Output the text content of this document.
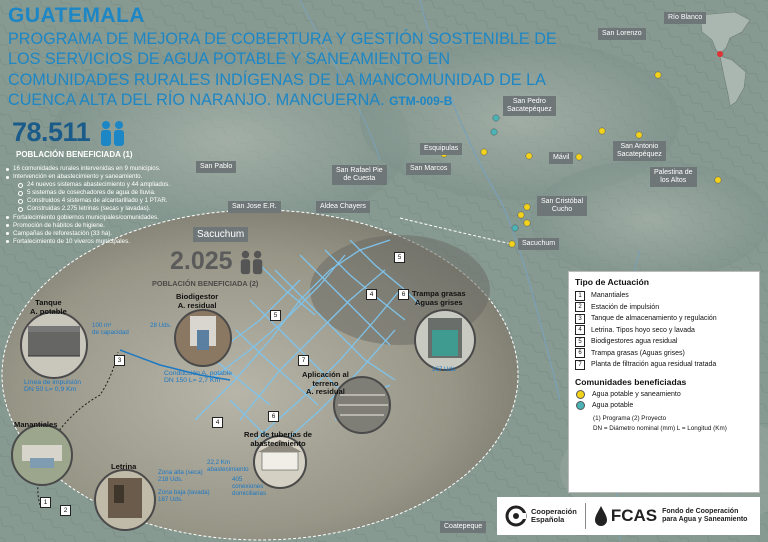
GUATEMALA
PROGRAMA DE MEJORA DE COBERTURA Y GESTIÓN SOSTENIBLE DE LOS SERVICIOS DE AGUA POTABLE Y SANEAMIENTO EN COMUNIDADES RURALES INDÍGENAS DE LA MANCOMUNIDAD DE LA CUENCA ALTA DEL RÍO NARANJO. MANCUERNA. GTM-009-B
78.511
POBLACIÓN BENEFICIADA (1)
16 comunidades rurales intervenidas en 9 municipios.
Intervención en abastecimiento y saneamiento.
24 nuevos sistemas abastecimiento y 44 ampliados.
5 sistemas de cosechadores de agua de lluvia.
Construidos 4 sistemas de alcantarillado y 1 PTAR.
Construidas 2.275 letrinas (secas y lavadas).
Fortalecimiento gobiernos municipales/comunidades.
Promoción de hábitos de higiene.
Campañas de reforestación (33 ha).
Fortalecimiento de 10 viveros municipales.
Río Blanco
San Lorenzo
San Pedro
Sacatepéquez
Esquipulas
Mávil
San Antonio
Sacatepéquez
Palestina de
los Altos
San Pablo
San Rafael Pie
de Cuesta
San Marcos
San Cristóbal
Cucho
San Jose E.R.	Aldea Chayers
Sacuchum
Coatepeque
Sacuchum
2.025
POBLACIÓN BENEFICIADA (2)
Tanque
A. potable
100 m³
de capacidad
Biodigestor
A. residual
28 Uds.
Trampa grasas
Aguas grises
167 Uds.
Línea de impulsión
DN 50 L= 0,9 Km
Conducción A. potable
DN 150 L= 2,7 Km
Aplicación al
terreno
A. residual
Red de tuberías de
abastecimiento
22,2 Km
abastecimiento
405
conexiones
domiciliarias
Manantiales
Letrina
Zona alta (seca)
218 Uds.
Zona baja (lavada)
187 Uds.
1
2
3
4
4
5
5
6
6
7
Tipo de Actuación
1	Manantiales
2	Estación de impulsión
3	Tanque de almacenamiento y regulación
4	Letrina. Tipos hoyo seco y lavada
5	Biodigestores agua residual
6	Trampa grasas (Aguas grises)
7	Planta de filtración agua residual tratada
Comunidades beneficiadas
Agua potable y saneamiento
Agua potable
(1) Programa (2) Proyecto
DN = Diámetro nominal (mm) L = Longitud (Km)
Cooperación
Española	FCAS Fondo de Cooperación
para Agua y Saneamiento
